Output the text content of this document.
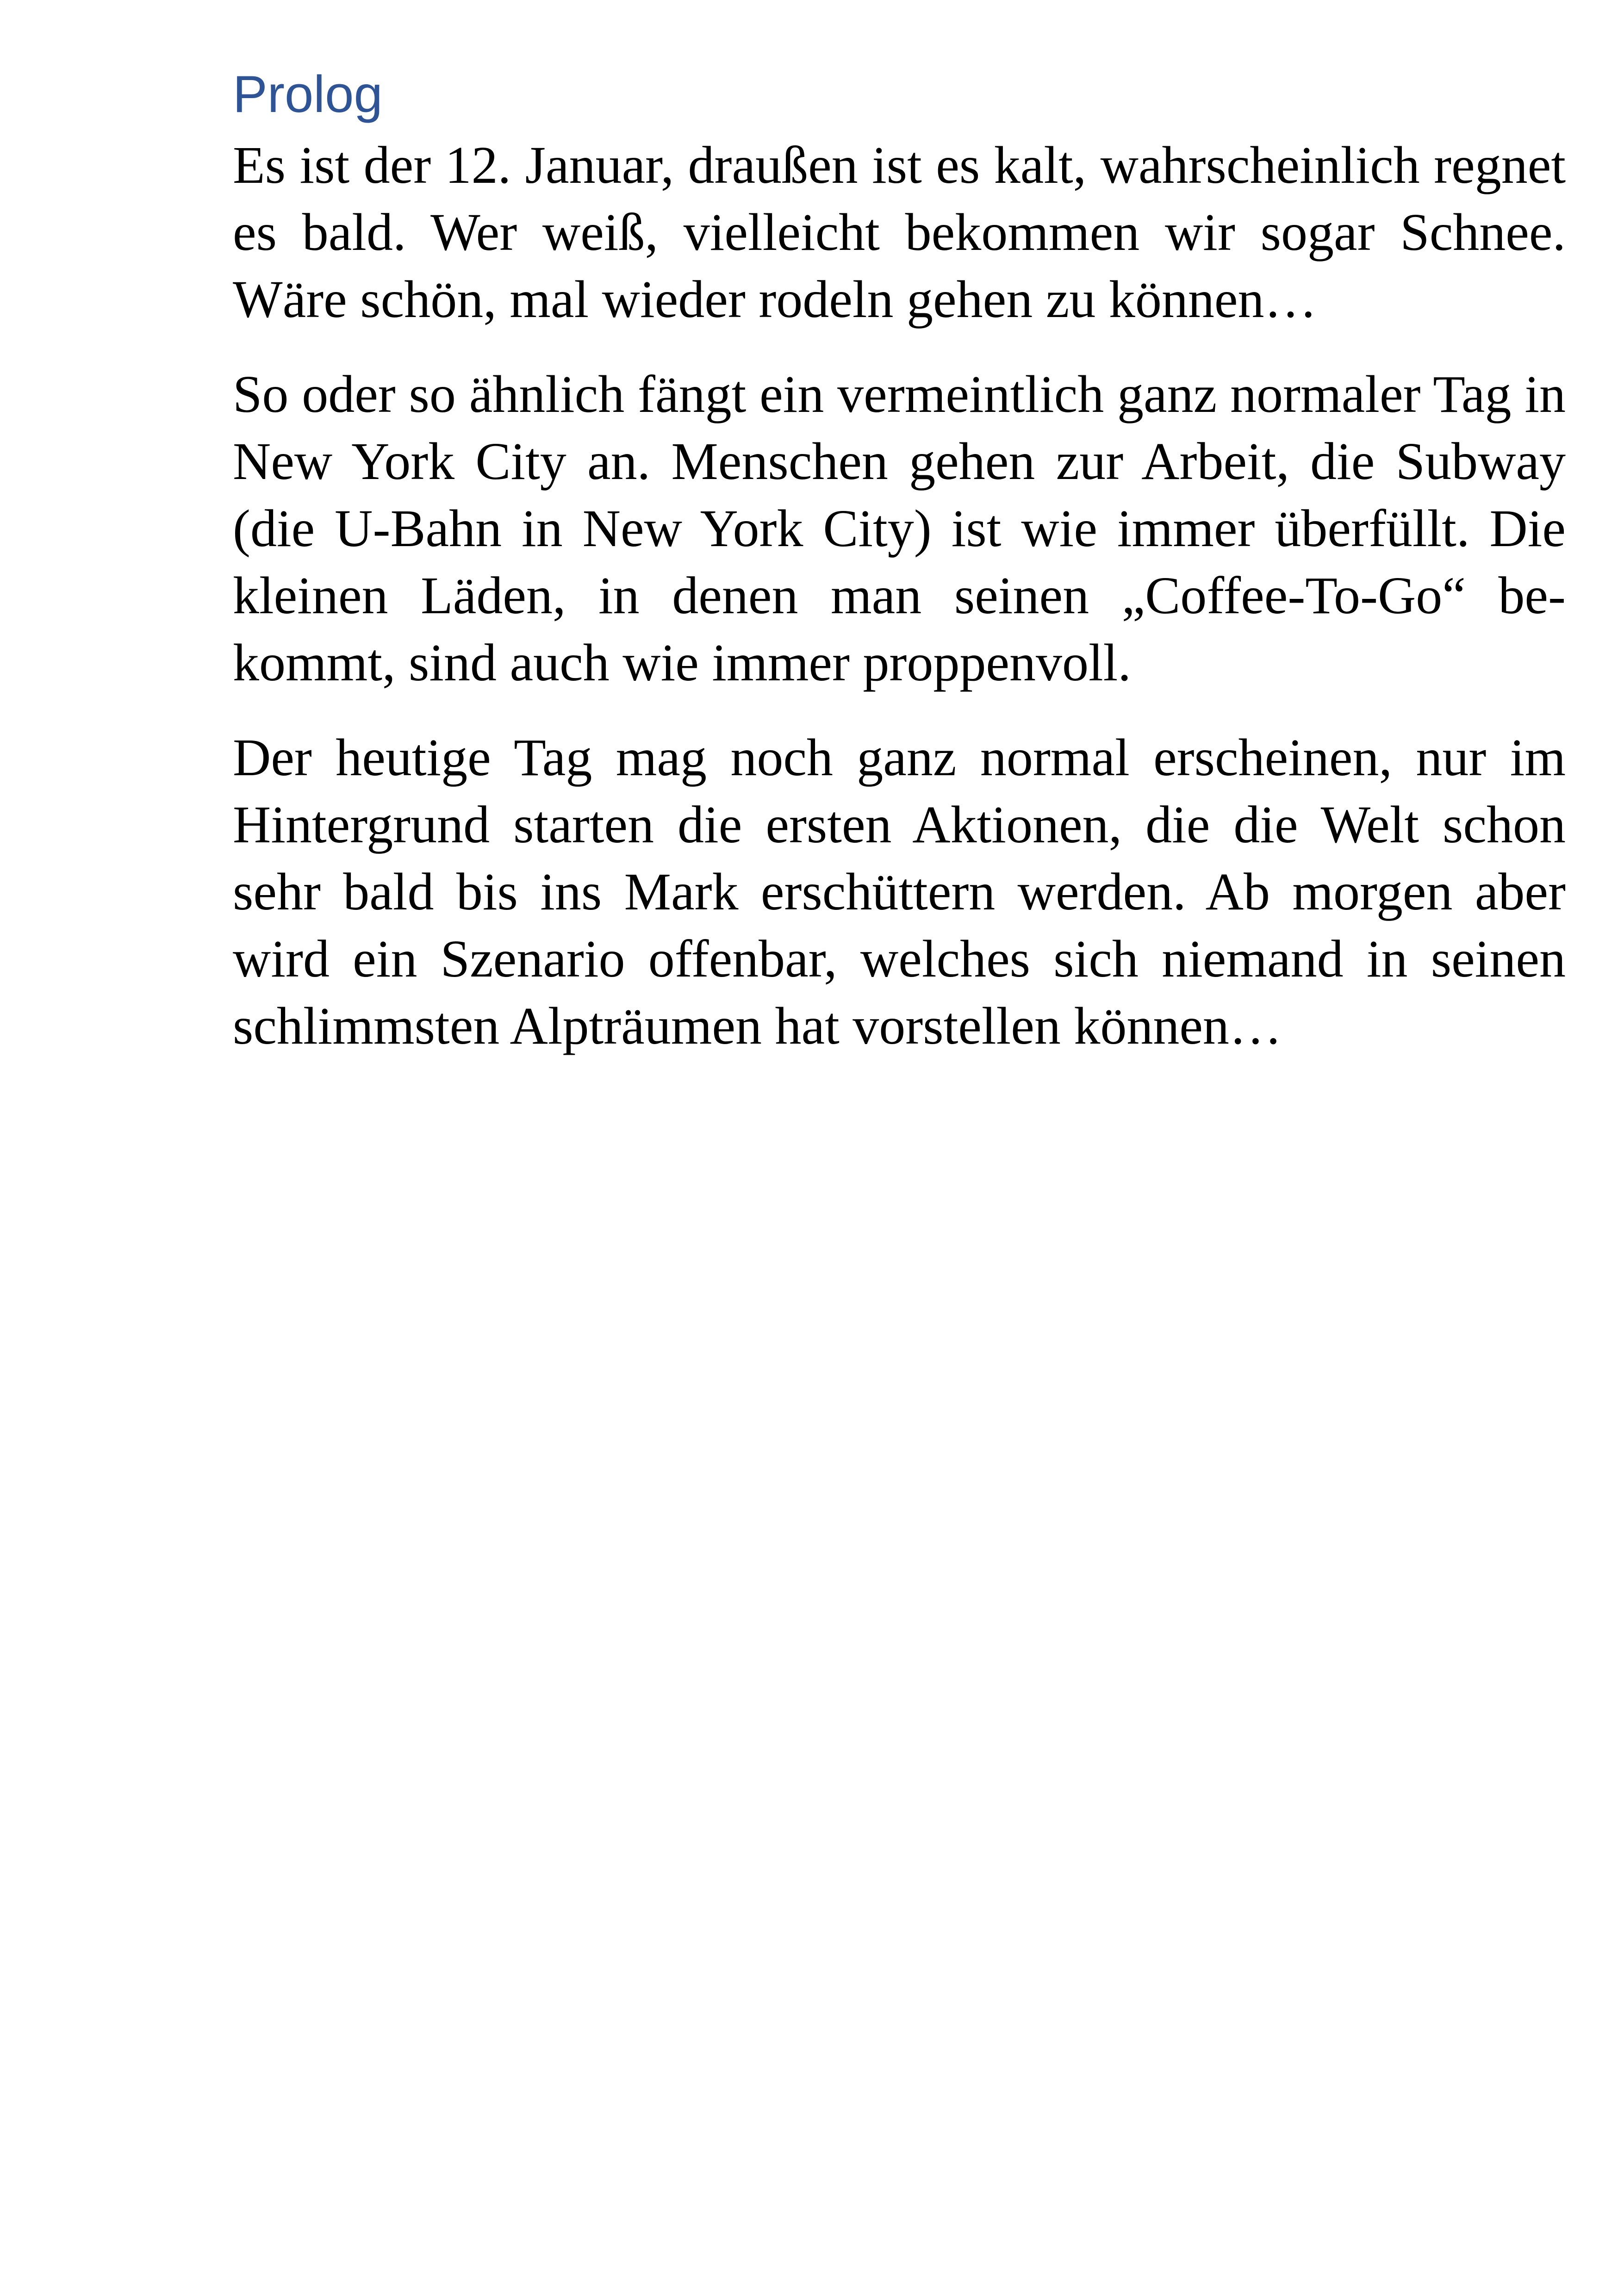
Prolog

Es ist der 12. Januar, draußen ist es kalt, wahrscheinlich regnet es bald. Wer weiß, vielleicht bekommen wir sogar Schnee. Wäre schön, mal wieder rodeln gehen zu können…

So oder so ähnlich fängt ein vermeintlich ganz normaler Tag in New York City an. Menschen gehen zur Arbeit, die Subway (die U-Bahn in New York City) ist wie immer überfüllt. Die kleinen Läden, in denen man seinen „Coffee-To-Go“ bekommt, sind auch wie immer proppenvoll.

Der heutige Tag mag noch ganz normal erscheinen, nur im Hintergrund starten die ersten Aktionen, die die Welt schon sehr bald bis ins Mark erschüttern werden. Ab morgen aber wird ein Szenario offenbar, welches sich niemand in seinen schlimmsten Alpträumen hat vorstellen können…
